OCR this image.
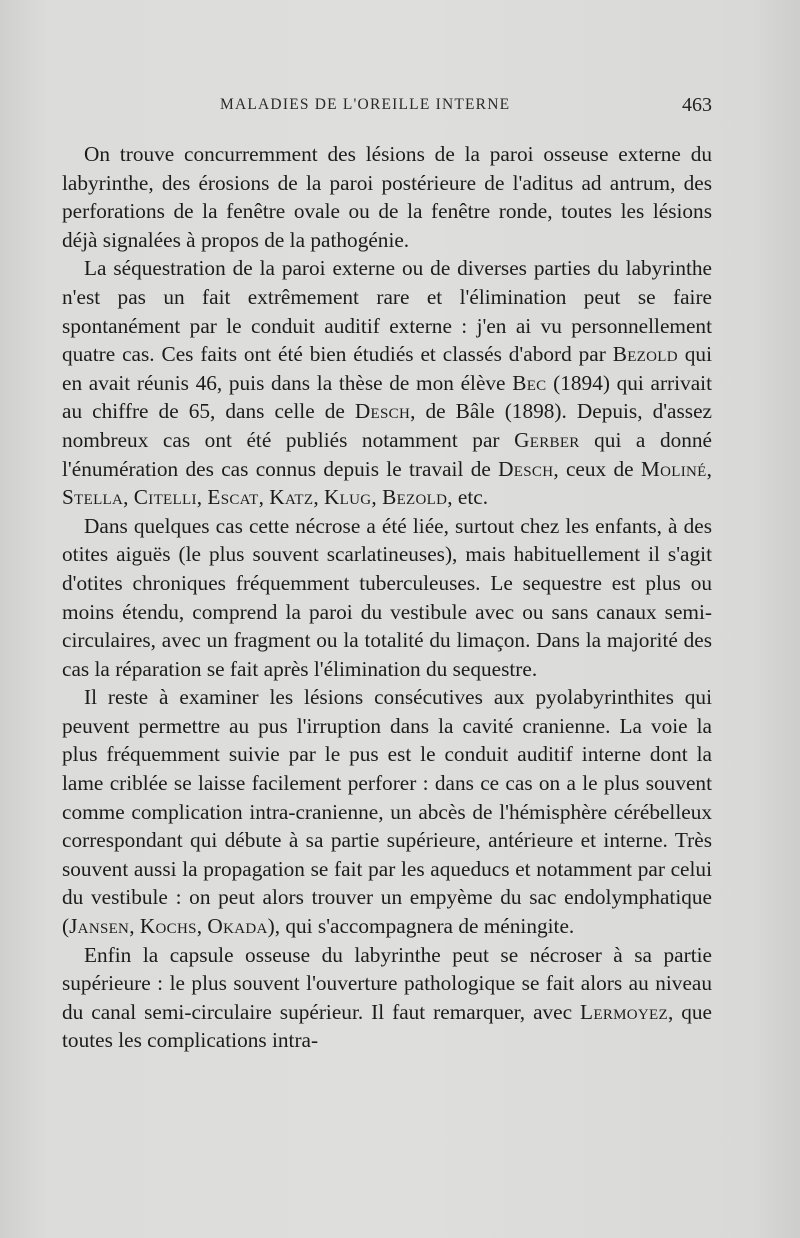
MALADIES DE L'OREILLE INTERNE	463

On trouve concurremment des lésions de la paroi osseuse externe du labyrinthe, des érosions de la paroi postérieure de l'aditus ad antrum, des perforations de la fenêtre ovale ou de la fenêtre ronde, toutes les lésions déjà signalées à propos de la pathogénie.

La séquestration de la paroi externe ou de diverses parties du labyrinthe n'est pas un fait extrêmement rare et l'élimination peut se faire spontanément par le conduit auditif externe : j'en ai vu personnellement quatre cas. Ces faits ont été bien étudiés et classés d'abord par Bezold qui en avait réunis 46, puis dans la thèse de mon élève Bec (1894) qui arrivait au chiffre de 65, dans celle de Desch, de Bâle (1898). Depuis, d'assez nombreux cas ont été publiés notamment par Gerber qui a donné l'énumération des cas connus depuis le travail de Desch, ceux de Moliné, Stella, Citelli, Escat, Katz, Klug, Bezold, etc.

Dans quelques cas cette nécrose a été liée, surtout chez les enfants, à des otites aiguës (le plus souvent scarlatineuses), mais habituellement il s'agit d'otites chroniques fréquemment tuberculeuses. Le sequestre est plus ou moins étendu, comprend la paroi du vestibule avec ou sans canaux semi-circulaires, avec un fragment ou la totalité du limaçon. Dans la majorité des cas la réparation se fait après l'élimination du sequestre.

Il reste à examiner les lésions consécutives aux pyolabyrinthites qui peuvent permettre au pus l'irruption dans la cavité cranienne. La voie la plus fréquemment suivie par le pus est le conduit auditif interne dont la lame criblée se laisse facilement perforer : dans ce cas on a le plus souvent comme complication intra-cranienne, un abcès de l'hémisphère cérébelleux correspondant qui débute à sa partie supérieure, antérieure et interne. Très souvent aussi la propagation se fait par les aqueducs et notamment par celui du vestibule : on peut alors trouver un empyème du sac endolymphatique (Jansen, Kochs, Okada), qui s'accompagnera de méningite.

Enfin la capsule osseuse du labyrinthe peut se nécroser à sa partie supérieure : le plus souvent l'ouverture pathologique se fait alors au niveau du canal semi-circulaire supérieur. Il faut remarquer, avec Lermoyez, que toutes les complications intra-
